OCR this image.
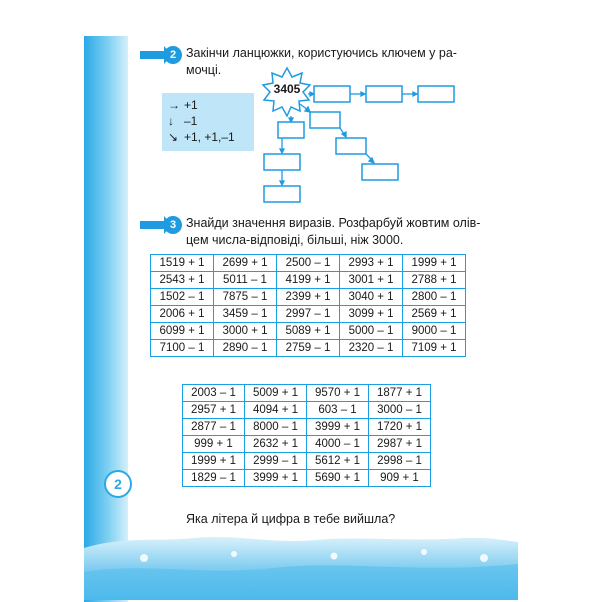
2
2 Закінчи ланцюжки, користуючись ключем у ра-
мочці.
→ +1
↓ –1
↘ +1, +1,–1
3405
3 Знайди значення виразів. Розфарбуй жовтим олів-
цем числа-відповіді, більші, ніж 3000.
1519 + 1	2699 + 1	2500 – 1	2993 + 1	1999 + 1
2543 + 1	5011 – 1	4199 + 1	3001 + 1	2788 + 1
1502 – 1	7875 – 1	2399 + 1	3040 + 1	2800 – 1
2006 + 1	3459 – 1	2997 – 1	3099 + 1	2569 + 1
6099 + 1	3000 + 1	5089 + 1	5000 – 1	9000 – 1
7100 – 1	2890 – 1	2759 – 1	2320 – 1	7109 + 1
2003 – 1	5009 + 1	9570 + 1	1877 + 1
2957 + 1	4094 + 1	603 – 1	3000 – 1
2877 – 1	8000 – 1	3999 + 1	1720 + 1
999 + 1	2632 + 1	4000 – 1	2987 + 1
1999 + 1	2999 – 1	5612 + 1	2998 – 1
1829 – 1	3999 + 1	5690 + 1	909 + 1
Яка літера й цифра в тебе вийшла?
